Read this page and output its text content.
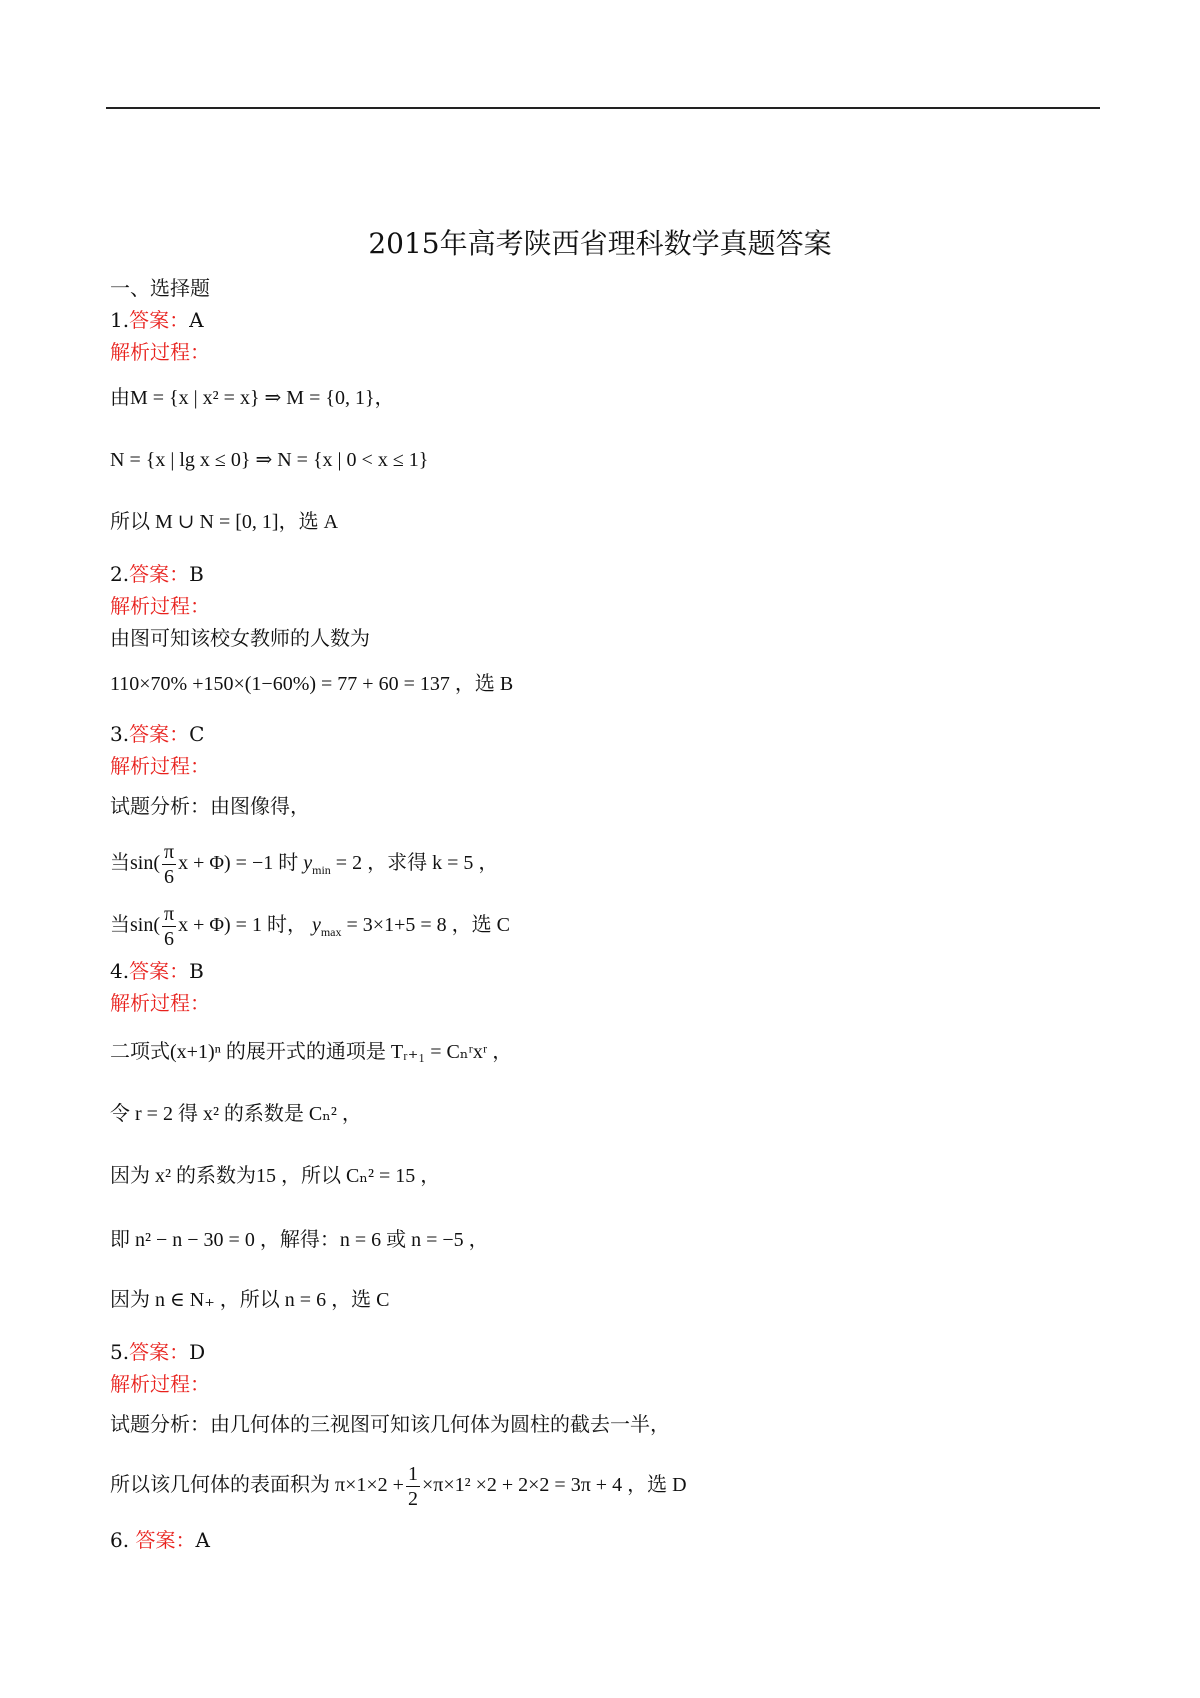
2015年高考陕西省理科数学真题答案
一、选择题
1.答案：A
解析过程：
由M = {x | x² = x} ⇒ M = {0, 1}，
N = {x | lg x ≤ 0} ⇒ N = {x | 0 < x ≤ 1}
所以 M ∪ N = [0, 1]，选 A
2.答案：B
解析过程：
由图可知该校女教师的人数为
110×70% +150×(1−60%) = 77 + 60 = 137 ，选 B
3.答案：C
解析过程：
试题分析：由图像得，
当$\sin( \frac{\pi}{6}$ x + Φ) = −1 时 $y_{min} = 2$ ，求得 k = 5 ，
当$\sin( \frac{\pi}{6}$ x + Φ) = 1 时， $y_{max} = 3\times 1+5 = 8$ ，选 C
4.答案：B
解析过程：
二项式(x+1)ⁿ 的展开式的通项是 Tᵣ₊₁ = Cₙʳxʳ ，
令 r = 2 得 x² 的系数是 Cₙ² ，
因为 x² 的系数为15 ，所以 Cₙ² = 15 ，
即 n² − n − 30 = 0 ，解得：n = 6 或 n = −5 ，
因为 n ∈ N₊ ，所以 n = 6 ，选 C
5.答案：D
解析过程：
试题分析：由几何体的三视图可知该几何体为圆柱的截去一半，
所以该几何体的表面积为 $\pi\times 1\times 2 + \frac{1}{2} \times\pi\times 1^2 \times 2 + 2\times 2 = 3\pi + 4$ ，选 D
6. 答案：A
